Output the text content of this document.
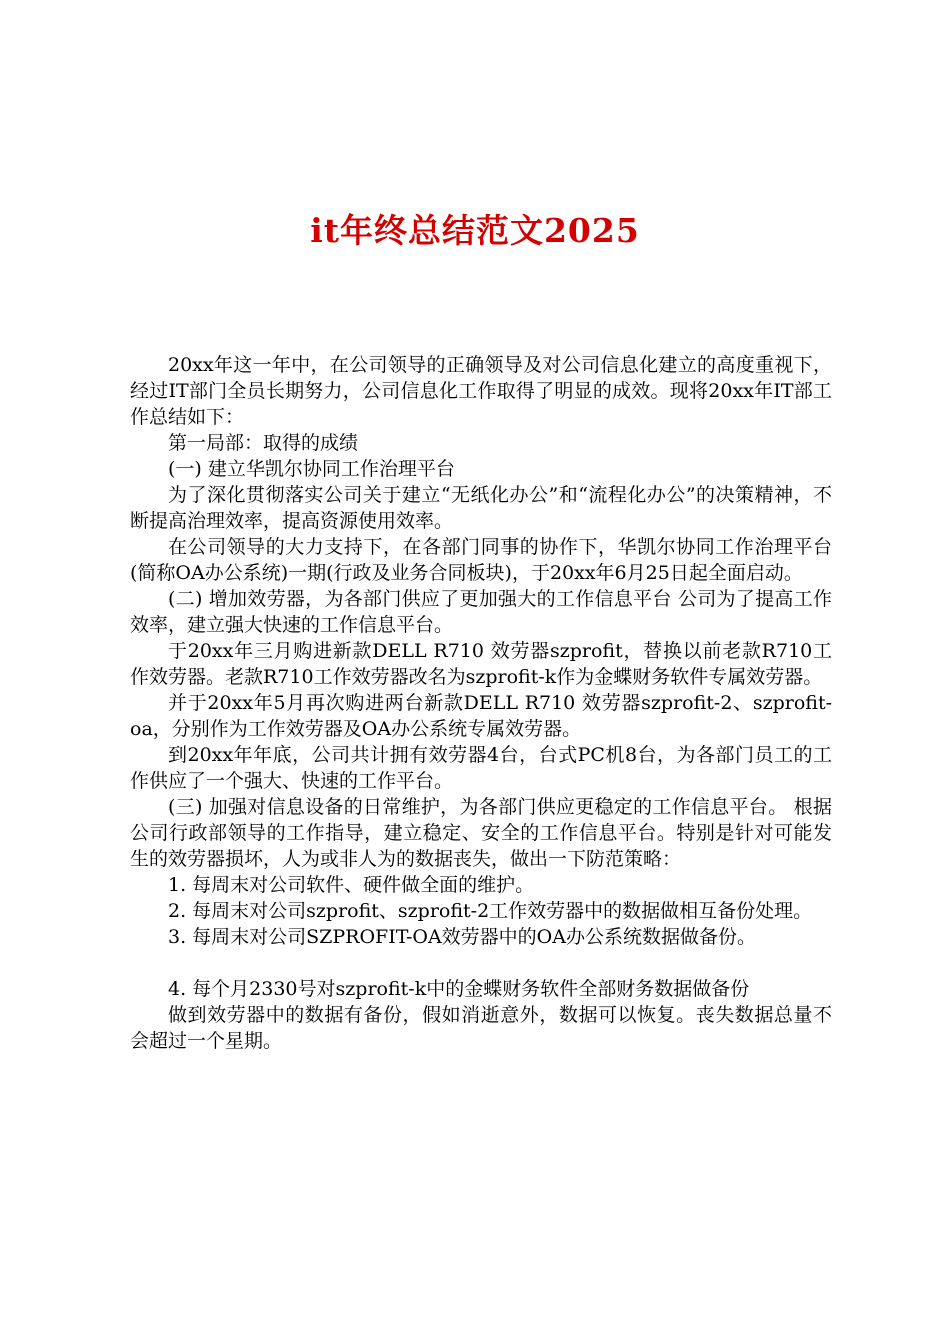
it年终总结范文2025

20xx年这一年中，在公司领导的正确领导及对公司信息化建立的高度重视下，经过IT部门全员长期努力，公司信息化工作取得了明显的成效。现将20xx年IT部工作总结如下：

第一局部：取得的成绩

(一) 建立华凯尔协同工作治理平台

为了深化贯彻落实公司关于建立“无纸化办公”和“流程化办公”的决策精神，不断提高治理效率，提高资源使用效率。

在公司领导的大力支持下，在各部门同事的协作下，华凯尔协同工作治理平台(简称OA办公系统)一期(行政及业务合同板块)，于20xx年6月25日起全面启动。

(二) 增加效劳器，为各部门供应了更加强大的工作信息平台 公司为了提高工作效率，建立强大快速的工作信息平台。

于20xx年三月购进新款DELL R710 效劳器szprofit，替换以前老款R710工作效劳器。老款R710工作效劳器改名为szprofit-k作为金蝶财务软件专属效劳器。

并于20xx年5月再次购进两台新款DELL R710 效劳器szprofit-2、szprofit-oa，分别作为工作效劳器及OA办公系统专属效劳器。

到20xx年年底，公司共计拥有效劳器4台，台式PC机8台，为各部门员工的工作供应了一个强大、快速的工作平台。

(三) 加强对信息设备的日常维护，为各部门供应更稳定的工作信息平台。 根据公司行政部领导的工作指导，建立稳定、安全的工作信息平台。特别是针对可能发生的效劳器损坏，人为或非人为的数据丧失，做出一下防范策略：

1. 每周末对公司软件、硬件做全面的维护。

2. 每周末对公司szprofit、szprofit-2工作效劳器中的数据做相互备份处理。

3. 每周末对公司SZPROFIT-OA效劳器中的OA办公系统数据做备份。

4. 每个月2330号对szprofit-k中的金蝶财务软件全部财务数据做备份

做到效劳器中的数据有备份，假如消逝意外，数据可以恢复。丧失数据总量不会超过一个星期。
